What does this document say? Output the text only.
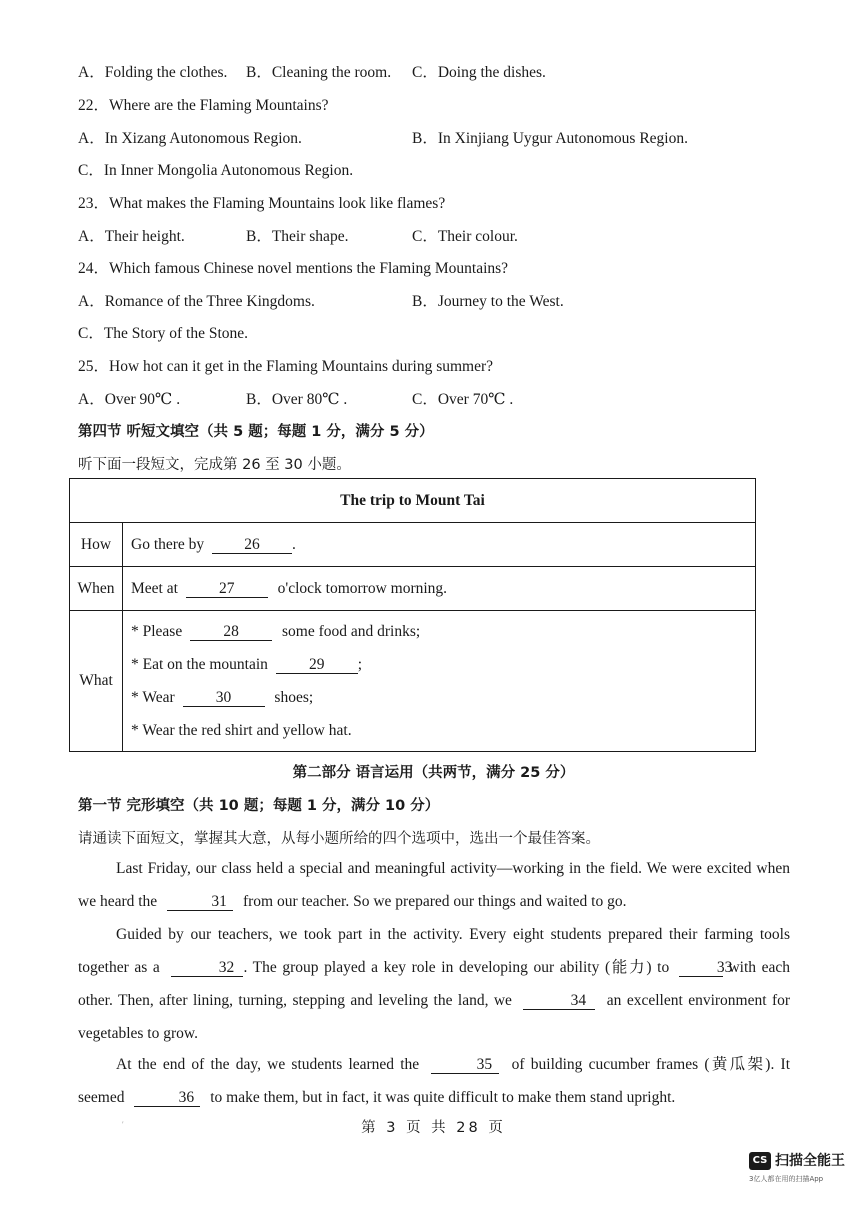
A．Folding the clothes. B．Cleaning the room. C．Doing the dishes.
22．Where are the Flaming Mountains?
A．In Xizang Autonomous Region.	B．In Xinjiang Uygur Autonomous Region.
C．In Inner Mongolia Autonomous Region.
23．What makes the Flaming Mountains look like flames?
A．Their height.	B．Their shape.	C．Their colour.
24．Which famous Chinese novel mentions the Flaming Mountains?
A．Romance of the Three Kingdoms.	B．Journey to the West.
C．The Story of the Stone.
25．How hot can it get in the Flaming Mountains during summer?
A．Over 90℃ .	B．Over 80℃ .	C．Over 70℃ .
第四节 听短文填空（共 5 题；每题 1 分，满分 5 分）
听下面一段短文，完成第 26 至 30 小题。
The trip to Mount Tai	
How	Go there by 26 .
When	Meet at 27 o'clock tomorrow morning.
What	* Please 28 some food and drinks;
* Eat on the mountain 29 ;
* Wear 30 shoes;
* Wear the red shirt and yellow hat.
第二部分 语言运用（共两节，满分 25 分）
第一节 完形填空（共 10 题；每题 1 分，满分 10 分）
请通读下面短文，掌握其大意，从每小题所给的四个选项中，选出一个最佳答案。
Last Friday, our class held a special and meaningful activity—working in the field. We were excited when we heard the	31 from our teacher. So we prepared our things and waited to go.
Guided by our teachers, we took part in the activity. Every eight students prepared their farming tools together as a	32 . The group played a key role in developing our ability (能力) to	33 with each other. Then, after lining, turning, stepping and leveling the land, we	34 an excellent environment for vegetables to grow.
At the end of the day, we students learned the	35 of building cucumber frames (黄瓜架). It seemed	36 to make them, but in fact, it was quite difficult to make them stand upright.
′	第 3 页 共 28 页
CS 扫描全能王
3亿人都在用的扫描App
